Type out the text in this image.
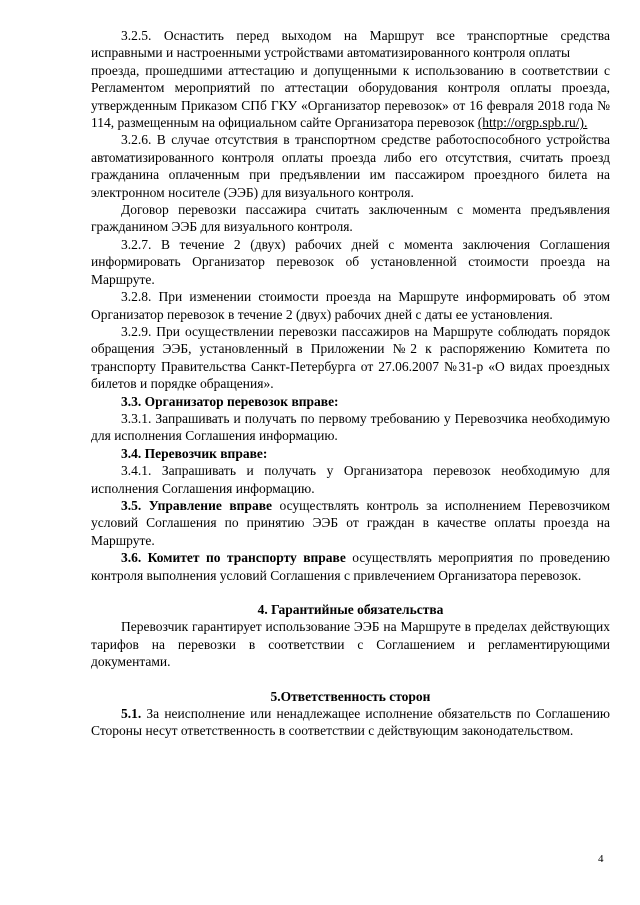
3.2.5. Оснастить перед выходом на Маршрут все транспортные средства исправными и настроенными устройствами автоматизированного контроля оплаты

проезда, прошедшими аттестацию и допущенными к использованию в соответствии с Регламентом мероприятий по аттестации оборудования контроля оплаты проезда, утвержденным Приказом СПб ГКУ «Организатор перевозок» от 16 февраля 2018 года № 114, размещенным на официальном сайте Организатора перевозок (http://orgp.spb.ru/).

3.2.6. В случае отсутствия в транспортном средстве работоспособного устройства автоматизированного контроля оплаты проезда либо его отсутствия, считать проезд гражданина оплаченным при предъявлении им пассажиром проездного билета на электронном носителе (ЭЭБ) для визуального контроля.

Договор перевозки пассажира считать заключенным с момента предъявления гражданином ЭЭБ для визуального контроля.

3.2.7. В течение 2 (двух) рабочих дней с момента заключения Соглашения информировать Организатор перевозок об установленной стоимости проезда на Маршруте.

3.2.8. При изменении стоимости проезда на Маршруте информировать об этом Организатор перевозок в течение 2 (двух) рабочих дней с даты ее установления.

3.2.9. При осуществлении перевозки пассажиров на Маршруте соблюдать порядок обращения ЭЭБ, установленный в Приложении №2 к распоряжению Комитета по транспорту Правительства Санкт-Петербурга от 27.06.2007 №31-р «О видах проездных билетов и порядке обращения».

3.3. Организатор перевозок вправе:

3.3.1. Запрашивать и получать по первому требованию у Перевозчика необходимую для исполнения Соглашения информацию.

3.4. Перевозчик вправе:

3.4.1. Запрашивать и получать у Организатора перевозок необходимую для исполнения Соглашения информацию.

3.5. Управление вправе осуществлять контроль за исполнением Перевозчиком условий Соглашения по принятию ЭЭБ от граждан в качестве оплаты проезда на Маршруте.

3.6. Комитет по транспорту вправе осуществлять мероприятия по проведению контроля выполнения условий Соглашения с привлечением Организатора перевозок.

4. Гарантийные обязательства

Перевозчик гарантирует использование ЭЭБ на Маршруте в пределах действующих тарифов на перевозки в соответствии с Соглашением и регламентирующими документами.

5.Ответственность сторон

5.1. За неисполнение или ненадлежащее исполнение обязательств по Соглашению Стороны несут ответственность в соответствии с действующим законодательством.

4
